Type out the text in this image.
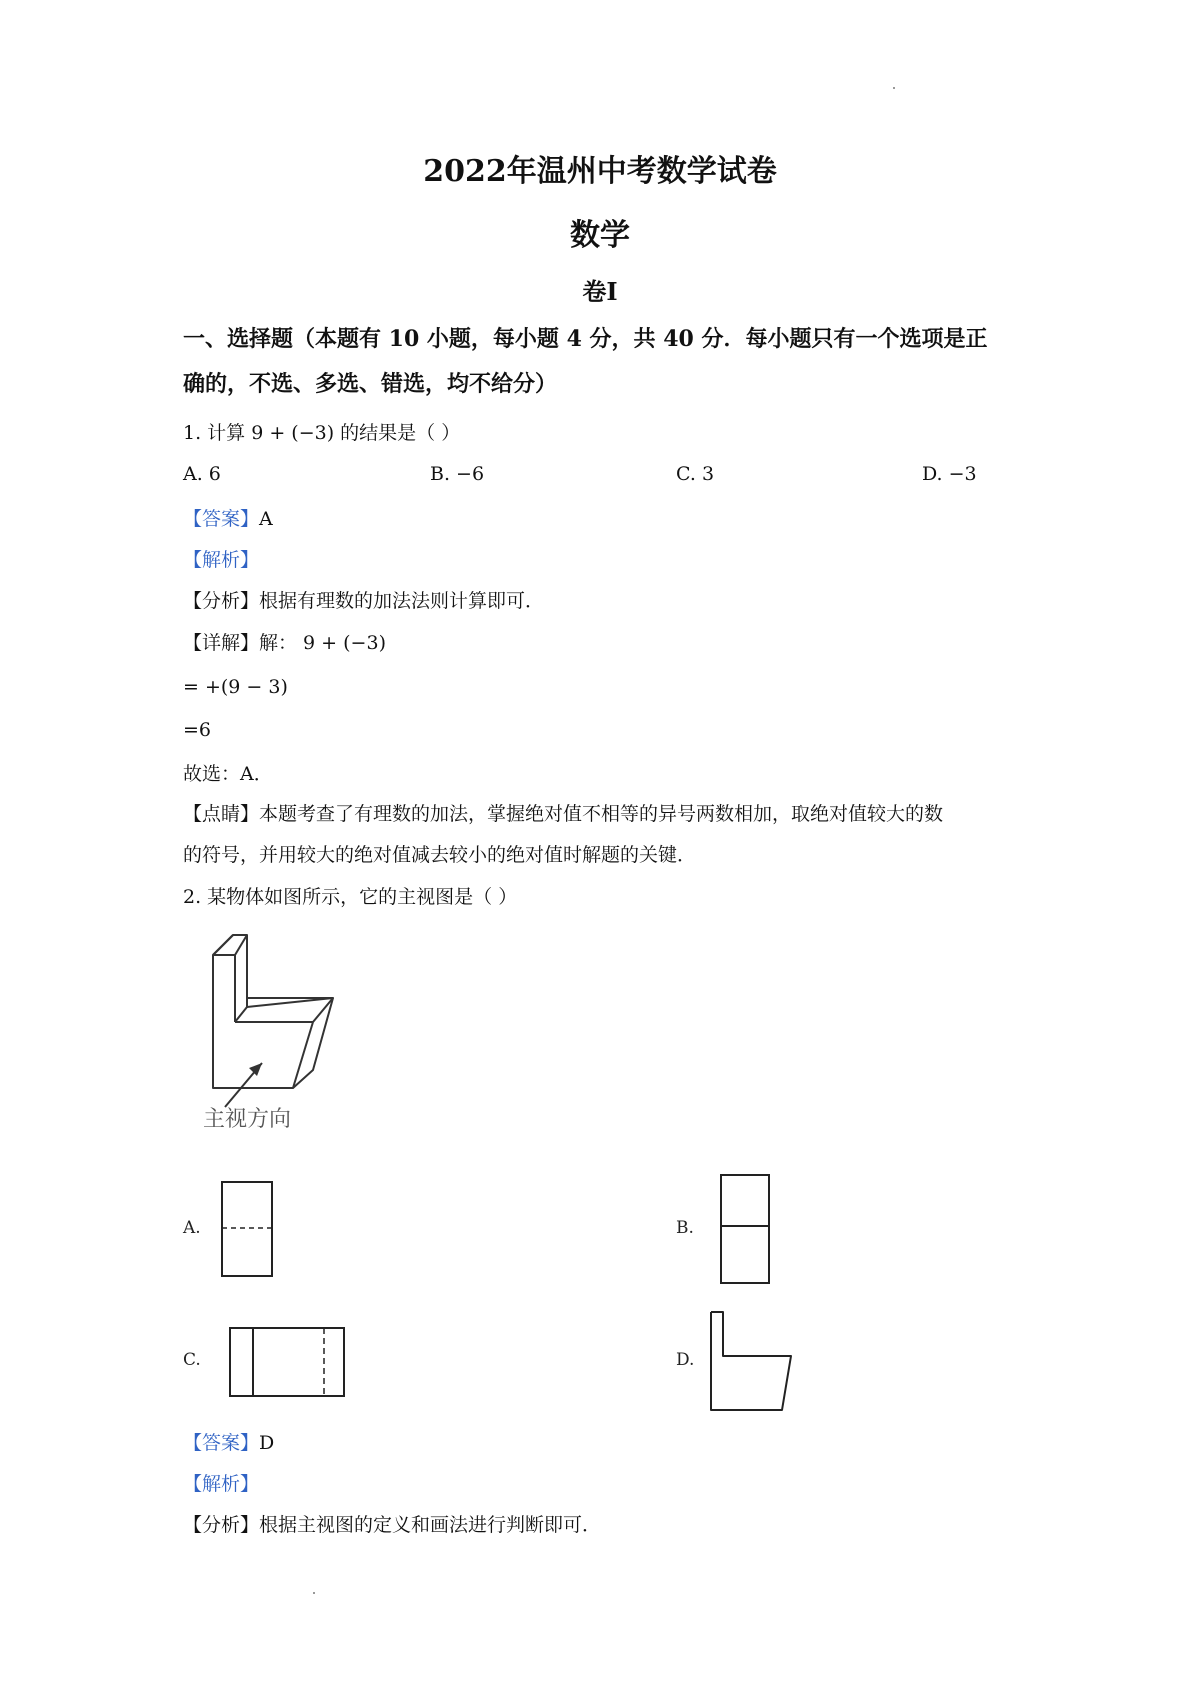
2022年温州中考数学试卷
数学
卷Ⅰ
一、选择题（本题有 10 小题，每小题 4 分，共 40 分．每小题只有一个选项是正
确的，不选、多选、错选，均不给分）
1. 计算 9 + (−3) 的结果是（ ）
A. 6	B. −6	C. 3	D. −3
【答案】A
【解析】
【分析】根据有理数的加法法则计算即可．
【详解】解： 9 + (−3)
= +(9 − 3)
=6
故选：A．
【点睛】本题考查了有理数的加法，掌握绝对值不相等的异号两数相加，取绝对值较大的数
的符号，并用较大的绝对值减去较小的绝对值时解题的关键．
2. 某物体如图所示，它的主视图是（ ）
主视方向
A.	B.
C.	D.
【答案】D
【解析】
【分析】根据主视图的定义和画法进行判断即可．
